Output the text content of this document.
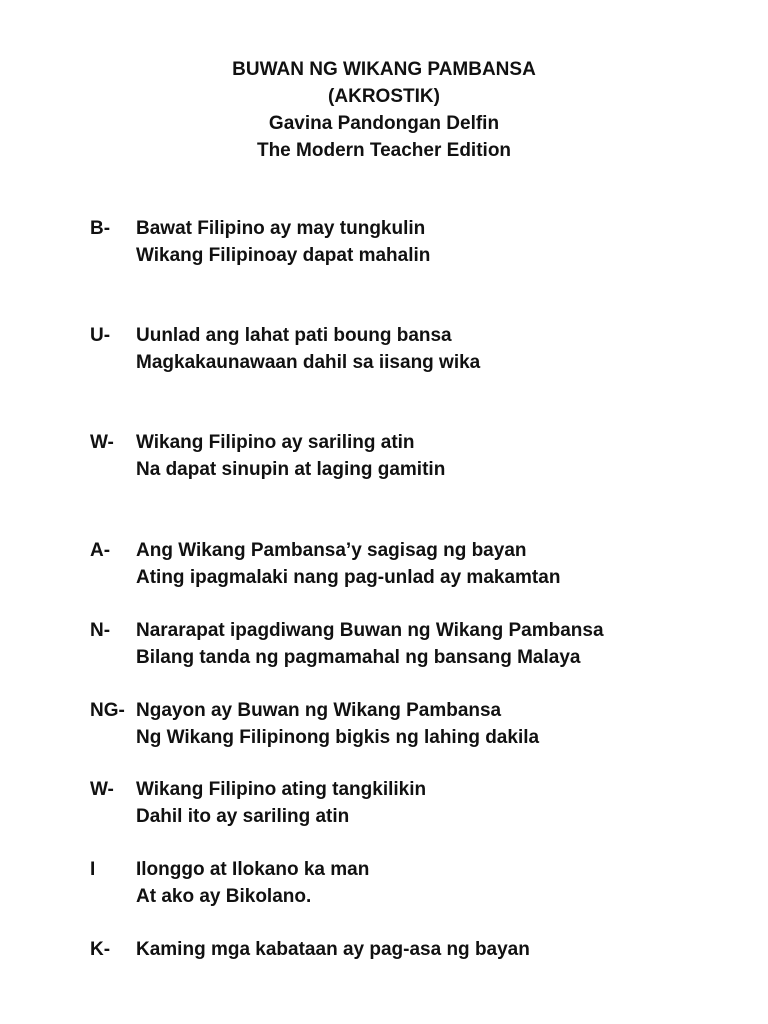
BUWAN NG WIKANG PAMBANSA
(AKROSTIK)
Gavina Pandongan Delfin
The Modern Teacher Edition
B- Bawat Filipino ay may tungkulin
Wikang Filipinoay dapat mahalin
U- Uunlad ang lahat pati boung bansa
Magkakaunawaan dahil sa iisang wika
W- Wikang Filipino ay sariling atin
Na dapat sinupin at laging gamitin
A- Ang Wikang Pambansa’y sagisag ng bayan
Ating ipagmalaki nang pag-unlad ay makamtan
N- Nararapat ipagdiwang Buwan ng Wikang Pambansa
Bilang tanda ng pagmamahal ng bansang Malaya
NG- Ngayon ay Buwan ng Wikang Pambansa
Ng Wikang Filipinong bigkis ng lahing dakila
W- Wikang Filipino ating tangkilikin
Dahil ito ay sariling atin
I Ilonggo at Ilokano ka man
At ako ay Bikolano.
K- Kaming mga kabataan ay pag-asa ng bayan
